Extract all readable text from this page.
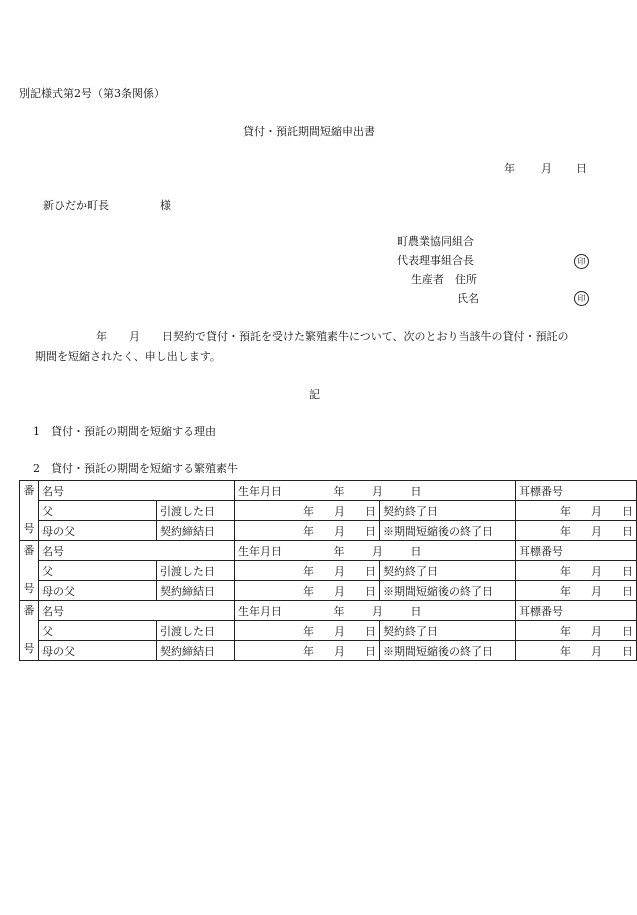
別記様式第2号（第3条関係）
貸付・預託期間短縮申出書
年 月 日
新ひだか町長	様
町農業協同組合
代表理事組合長	印
生産者　住所
氏名	印
年　　月　　日契約で貸付・預託を受けた繁殖素牛について、次のとおり当該牛の貸付・預託の
期間を短縮されたく、申し出します。
記
1　貸付・預託の期間を短縮する理由
2　貸付・預託の期間を短縮する繁殖素牛
番

号	名号		生年月日 年 月 日		耳標番号
	父	引渡した日	年 月 日	契約終了日	年 月 日

	母の父	契約締結日	年 月 日	※期間短縮後の終了日	年 月 日

番

号	名号		生年月日 年 月 日		耳標番号
	父	引渡した日	年 月 日	契約終了日	年 月 日

	母の父	契約締結日	年 月 日	※期間短縮後の終了日	年 月 日

番

号	名号		生年月日 年 月 日		耳標番号
	父	引渡した日	年 月 日	契約終了日	年 月 日

	母の父	契約締結日	年 月 日	※期間短縮後の終了日	年 月 日
